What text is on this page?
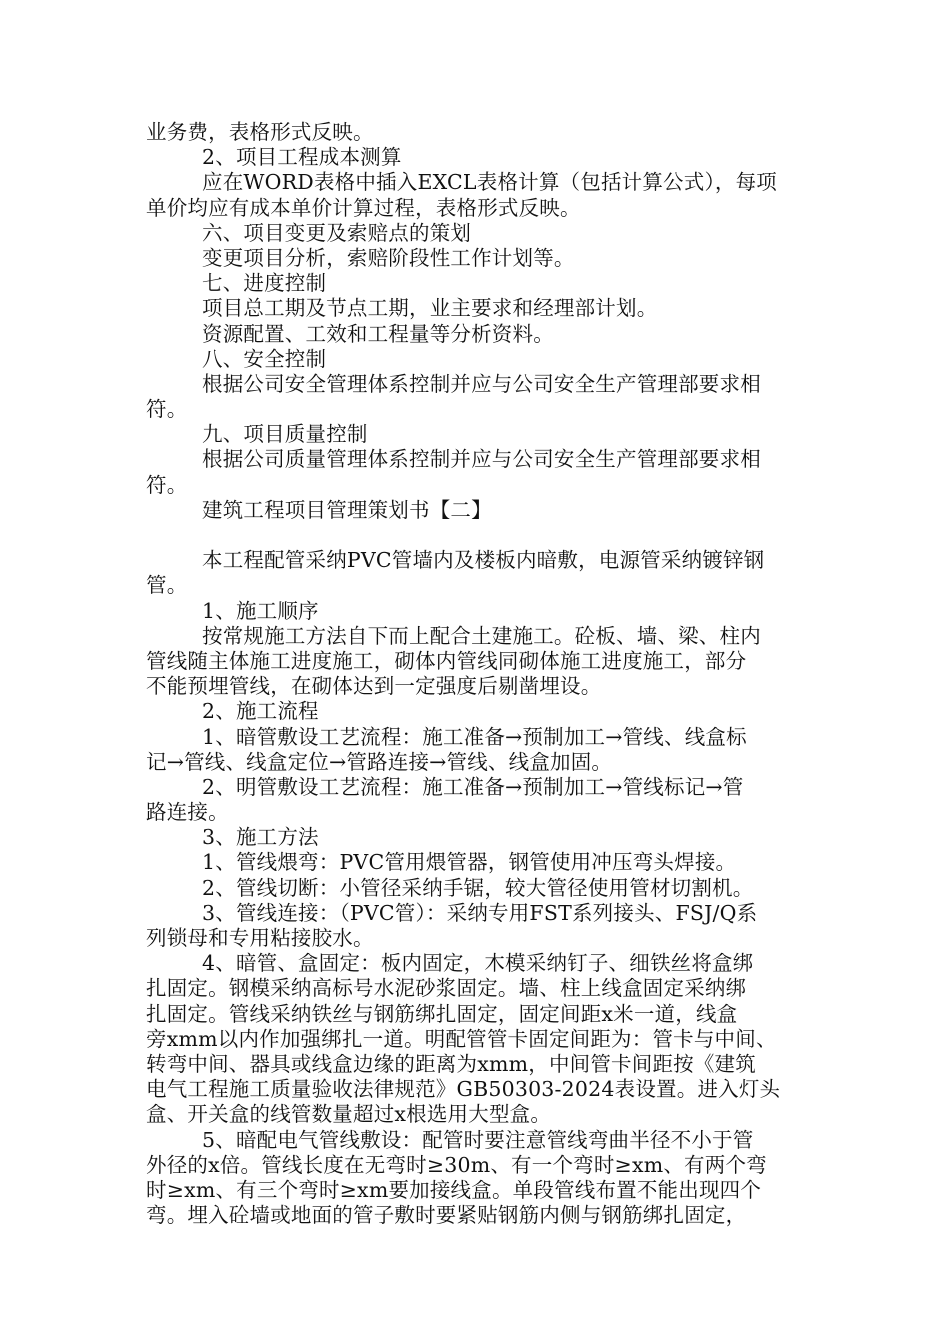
业务费，表格形式反映。
2、项目工程成本测算
应在WORD表格中插入EXCL表格计算（包括计算公式），每项
单价均应有成本单价计算过程，表格形式反映。
六、项目变更及索赔点的策划
变更项目分析，索赔阶段性工作计划等。
七、进度控制
项目总工期及节点工期，业主要求和经理部计划。
资源配置、工效和工程量等分析资料。
八、安全控制
根据公司安全管理体系控制并应与公司安全生产管理部要求相
符。
九、项目质量控制
根据公司质量管理体系控制并应与公司安全生产管理部要求相
符。
建筑工程项目管理策划书【二】
本工程配管采纳PVC管墙内及楼板内暗敷，电源管采纳镀锌钢
管。
1、施工顺序
按常规施工方法自下而上配合土建施工。砼板、墙、梁、柱内
管线随主体施工进度施工，砌体内管线同砌体施工进度施工，部分
不能预埋管线，在砌体达到一定强度后剔凿埋设。
2、施工流程
1、暗管敷设工艺流程：施工准备→预制加工→管线、线盒标
记→管线、线盒定位→管路连接→管线、线盒加固。
2、明管敷设工艺流程：施工准备→预制加工→管线标记→管
路连接。
3、施工方法
1、管线煨弯：PVC管用煨管器，钢管使用冲压弯头焊接。
2、管线切断：小管径采纳手锯，较大管径使用管材切割机。
3、管线连接：（PVC管）：采纳专用FST系列接头、FSJ/Q系
列锁母和专用粘接胶水。
4、暗管、盒固定：板内固定，木模采纳钉子、细铁丝将盒绑
扎固定。钢模采纳高标号水泥砂浆固定。墙、柱上线盒固定采纳绑
扎固定。管线采纳铁丝与钢筋绑扎固定，固定间距x米一道，线盒
旁xmm以内作加强绑扎一道。明配管管卡固定间距为：管卡与中间、
转弯中间、器具或线盒边缘的距离为xmm，中间管卡间距按《建筑
电气工程施工质量验收法律规范》GB50303-2024表设置。进入灯头
盒、开关盒的线管数量超过x根选用大型盒。
5、暗配电气管线敷设：配管时要注意管线弯曲半径不小于管
外径的x倍。管线长度在无弯时≥30m、有一个弯时≥xm、有两个弯
时≥xm、有三个弯时≥xm要加接线盒。单段管线布置不能出现四个
弯。埋入砼墙或地面的管子敷时要紧贴钢筋内侧与钢筋绑扎固定，
